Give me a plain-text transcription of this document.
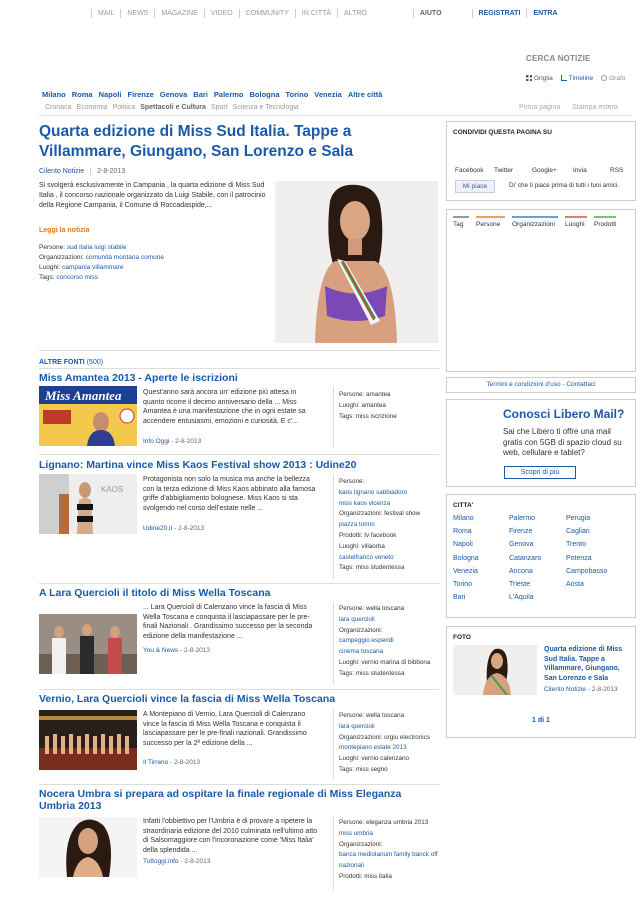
MAIL	NEWS	MAGAZINE	VIDEO	COMMUNITY	IN CITTÀ	ALTRO	AIUTO	REGISTRATI	ENTRA
CERCA NOTIZIE
Griglia	Timeline	Grafo
Milano Roma Napoli Firenze Genova Bari Palermo Bologna Torino Venezia Altre città
Cronaca Economia Politica Spettacoli e Cultura Sport Scienza e Tecnologia	Prima pagina Stampa estera
Quarta edizione di Miss Sud Italia. Tappe a Villammare, Giungano, San Lorenzo e Sala
Cilento Notizie 2-8-2013
Si svolgerà esclusivamente in Campania , la quarta edizione di Miss Sud Italia , il concorso nazionale organizzato da Luigi Stabile, con il patrocinio della Regione Campania, il Comune di Roccadaspide,...
Leggi la notizia
Persone: sud italia luigi stabile
Organizzazioni: comunità montana comune
Luoghi: campania villammare
Tags: concorso miss
ALTRE FONTI (500)
Miss Amantea 2013 - Aperte le iscrizioni
Miss Amantea	Quest'anno sarà ancora un' edizione più attesa in quanto ricorre il decimo anniversario della ... Miss Amantea è una manifestazione che in ogni estate sa accendere entusiasmi, emozioni e curiosità. E c'...
Info Oggi - 2-8-2013
Persone: amantea
Luoghi: amantea
Tags: miss iscrizione
Lignano: Martina vince Miss Kaos Festival show 2013 : Udine20
KAOS
Protagonista non solo la musica ma anche la bellezza con la terza edizione di Miss Kaos abbinato alla famosa griffe d'abbigliamento bolognese. Miss Kaos si sta svolgendo nel corso dell'estate nelle ...
Udine20.it - 2-8-2013
Persone:
kaos lignano sabbiadoro
miss kaos vicenza
Organizzazioni: festival show
piazza torino
Prodotti: tv facebook
Luoghi: villaorba
castelfranco veneto
Tags: miss studentessa
A Lara Quercioli il titolo di Miss Wella Toscana
... Lara Quercioli di Calenzano vince la fascia di Miss Wella Toscana e conquista il lasciapassare per le pre-finali Nazionali . Grandissimo successo per la seconda edizione della manifestazione ...
You & News - 2-8-2013
Persone: wella toscana
lara quercioli
Organizzazioni:
campeggio esperidi
cinema toscana
Luoghi: vernio marina di bibbona
Tags: miss studentessa
Vernio, Lara Quercioli vince la fascia di Miss Wella Toscana
A Montepiano di Vernio, Lara Quercioli di Calenzano vince la fascia di Miss Wella Toscana e conquista il lasciapassare per le pre-finali nazionali. Grandissimo successo per la 2ª edizione della ...
Il Tirreno - 2-8-2013
Persone: wella toscana
lara quercioli
Organizzazioni: orgiu electronics
montepiano estate 2013
Luoghi: vernio calenzano
Tags: miss segno
Nocera Umbra si prepara ad ospitare la finale regionale di Miss Eleganza Umbria 2013
Infatti l'obbiettivo per l'Umbria è di provare a ripetere la straordinaria edizione del 2010 culminata nell'ultimo atto di Salsomaggiore con l'incoronazione come 'Miss Italia' della splendida ...
Tuttoggi.info - 2-8-2013
Persone: eleganza umbria 2013
miss umbria
Organizzazioni:
banca mediolanum family banck off
nazionali
Prodotti: miss italia
CONDIVIDI QUESTA PAGINA SU
Facebook	Twitter	Google+	Invia	RSS
Mi piace	Di' che ti piace prima di tutti i tuoi amici.
Tag	Persone	Organizzazioni	Luoghi	Prodotti
Termini e condizioni d'uso - Contattaci
Conosci Libero Mail?
Sai che Libero ti offre una mail gratis con 5GB di spazio cloud su web, cellulare e tablet?
Scopri di più
CITTA'
Milano	Palermo	Perugia
Roma	Firenze	Cagliari
Napoli	Genova	Trento
Bologna	Catanzaro	Potenza
Venezia	Ancona	Campobasso
Torino	Trieste	Aosta
Bari	L'Aquila
FOTO
Quarta edizione di Miss Sud Italia. Tappe a Villammare, Giungano, San Lorenzo e Sala
Cilento Notizie - 2-8-2013
1 di 1
